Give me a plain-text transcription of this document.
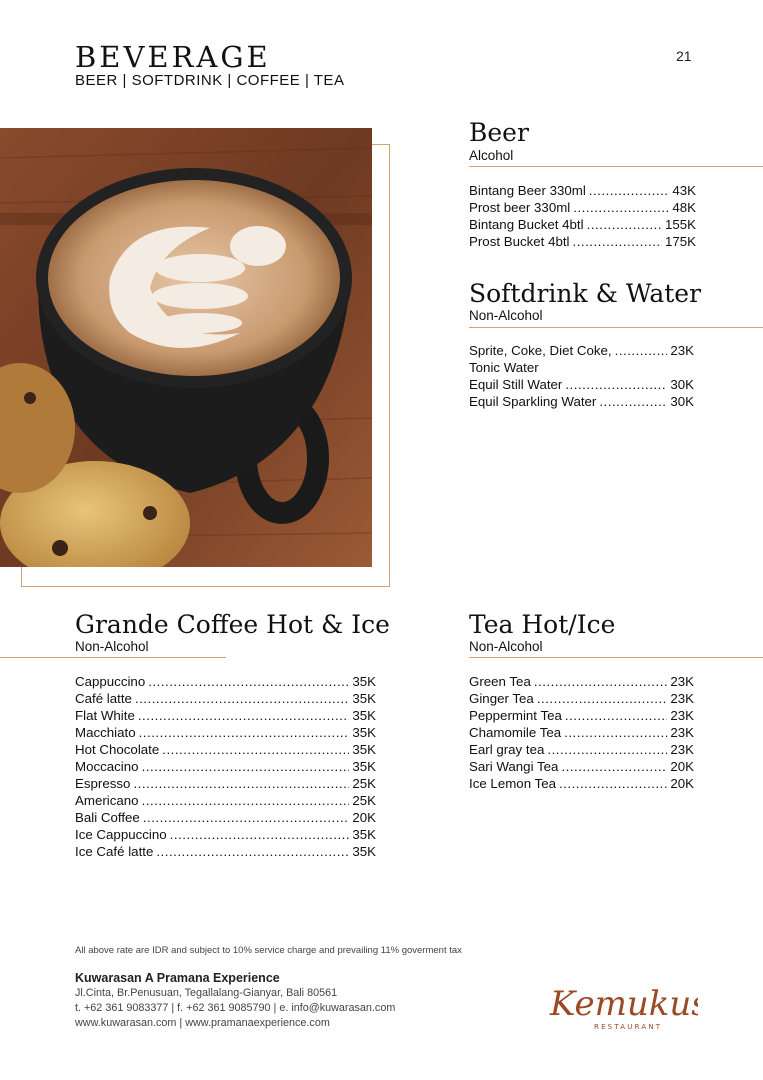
BEVERAGE
BEER | SOFTDRINK | COFFEE | TEA
21
Beer
Alcohol
Bintang Beer 330ml .....	43K
Prost beer 330ml .....	48K
Bintang Bucket 4btl .....	155K
Prost Bucket 4btl .....	175K
Softdrink & Water
Non-Alcohol
Sprite, Coke, Diet Coke, .....	23K
Tonic Water
Equil Still Water .....	30K
Equil Sparkling Water .....	30K
Grande Coffee Hot & Ice
Non-Alcohol
Cappuccino .....	35K
Café latte .....	35K
Flat White .....	35K
Macchiato .....	35K
Hot Chocolate .....	35K
Moccacino .....	35K
Espresso .....	25K
Americano .....	25K
Bali Coffee .....	20K
Ice Cappuccino .....	35K
Ice Café latte .....	35K
Tea Hot/Ice
Non-Alcohol
Green Tea .....	23K
Ginger Tea .....	23K
Peppermint Tea .....	23K
Chamomile Tea .....	23K
Earl gray tea .....	23K
Sari Wangi Tea .....	20K
Ice Lemon Tea .....	20K
All above rate are IDR and subject to 10% service charge and prevailing 11% goverment tax
Kuwarasan A Pramana Experience
Jl.Cinta, Br.Penusuan, Tegallalang-Gianyar, Bali 80561
t. +62 361 9083377 | f. +62 361 9085790 | e. info@kuwarasan.com
www.kuwarasan.com | www.pramanaexperience.com	Kemukus
RESTAURANT
